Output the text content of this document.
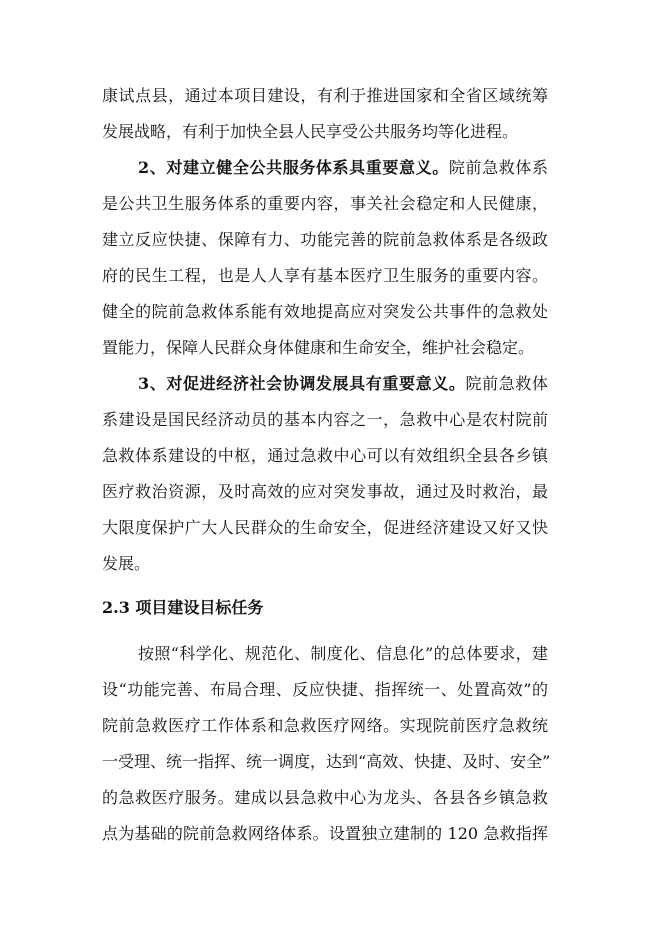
康试点县，通过本项目建设，有利于推进国家和全省区域统筹
发展战略，有利于加快全县人民享受公共服务均等化进程。
2、对建立健全公共服务体系具重要意义。院前急救体系
是公共卫生服务体系的重要内容，事关社会稳定和人民健康，
建立反应快捷、保障有力、功能完善的院前急救体系是各级政
府的民生工程，也是人人享有基本医疗卫生服务的重要内容。
健全的院前急救体系能有效地提高应对突发公共事件的急救处
置能力，保障人民群众身体健康和生命安全，维护社会稳定。
3、对促进经济社会协调发展具有重要意义。院前急救体
系建设是国民经济动员的基本内容之一，急救中心是农村院前
急救体系建设的中枢，通过急救中心可以有效组织全县各乡镇
医疗救治资源，及时高效的应对突发事故，通过及时救治，最
大限度保护广大人民群众的生命安全，促进经济建设又好又快
发展。
2.3 项目建设目标任务
按照“科学化、规范化、制度化、信息化”的总体要求，建
设“功能完善、布局合理、反应快捷、指挥统一、处置高效”的
院前急救医疗工作体系和急救医疗网络。实现院前医疗急救统
一受理、统一指挥、统一调度，达到“高效、快捷、及时、安全”
的急救医疗服务。建成以县急救中心为龙头、各县各乡镇急救
点为基础的院前急救网络体系。设置独立建制的 120 急救指挥
